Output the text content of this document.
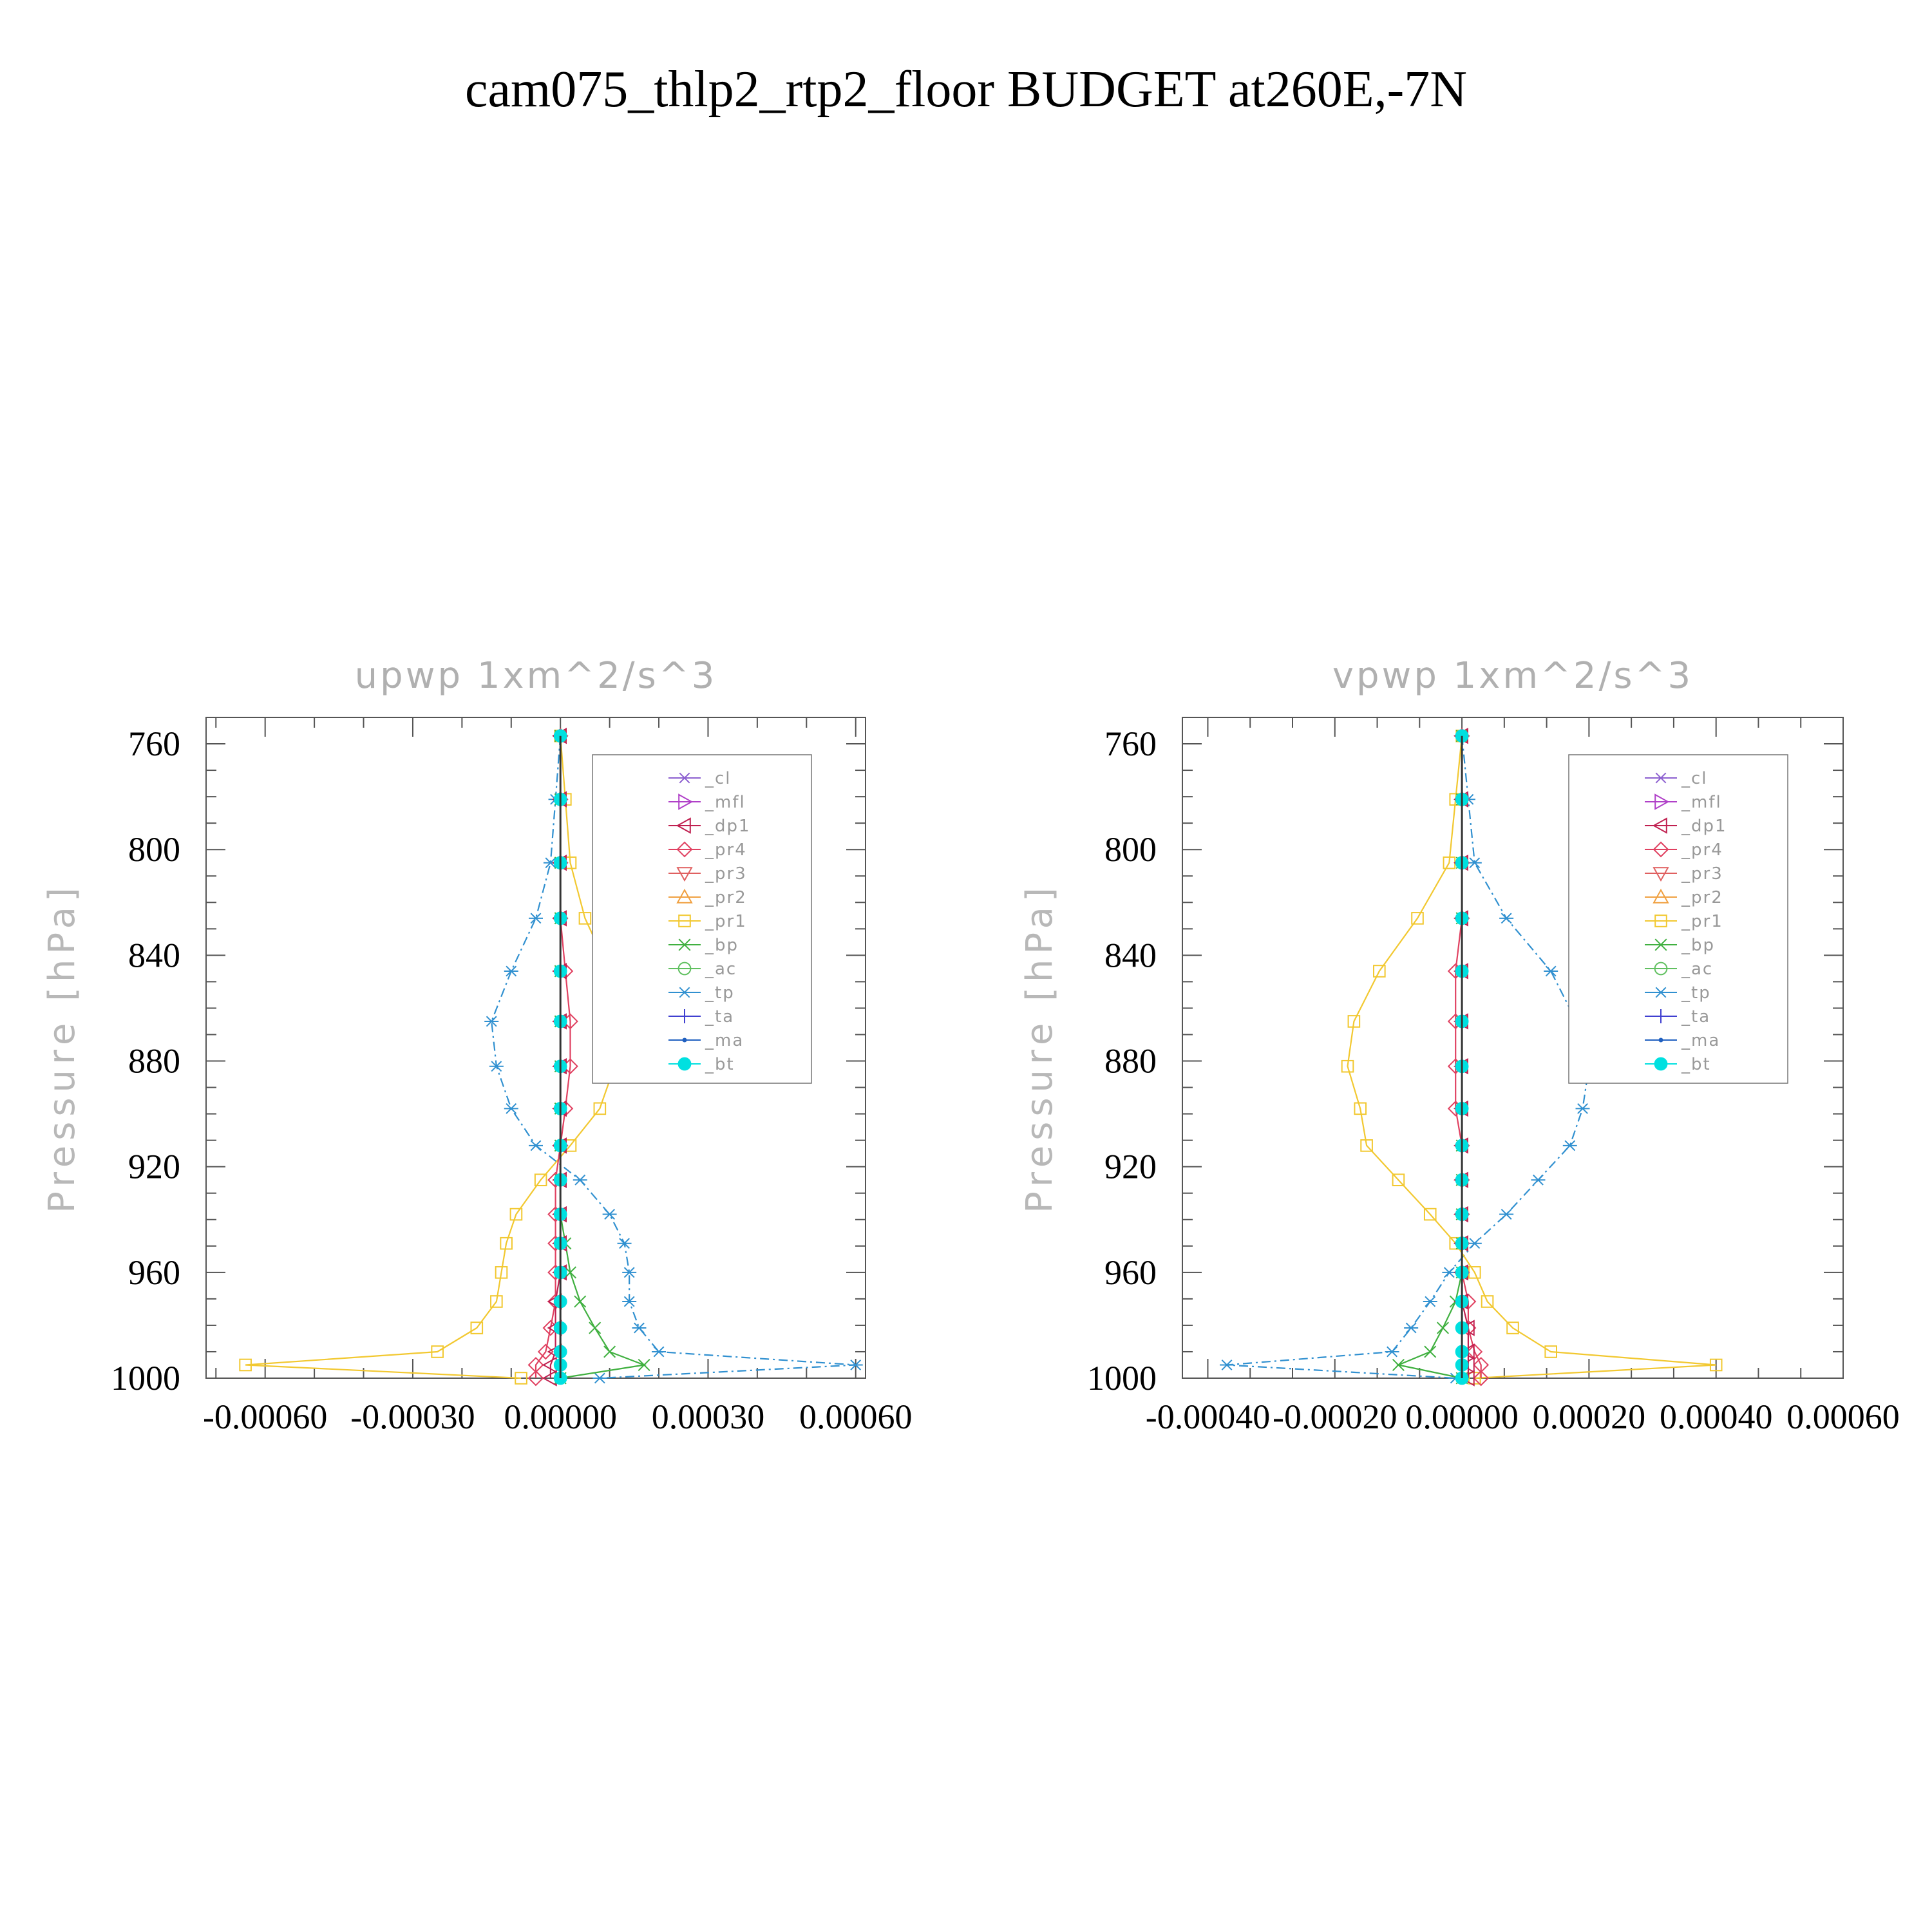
cam075_thlp2_rtp2_floor BUDGET at260E,-7N
upwp 1xm^2/s^3
Pressure [hPa]
760
800
840
880
920
960
1000
-0.00060 -0.00030 0.00000 0.00030 0.00060
_cl
_mfl
_dp1
_pr4
_pr3
_pr2
_pr1
_bp
_ac
_tp
_ta
_ma
_bt
vpwp 1xm^2/s^3
Pressure [hPa]
760
800
840
880
920
960
1000
-0.00040 -0.00020 0.00000 0.00020 0.00040 0.00060
_cl
_mfl
_dp1
_pr4
_pr3
_pr2
_pr1
_bp
_ac
_tp
_ta
_ma
_bt
